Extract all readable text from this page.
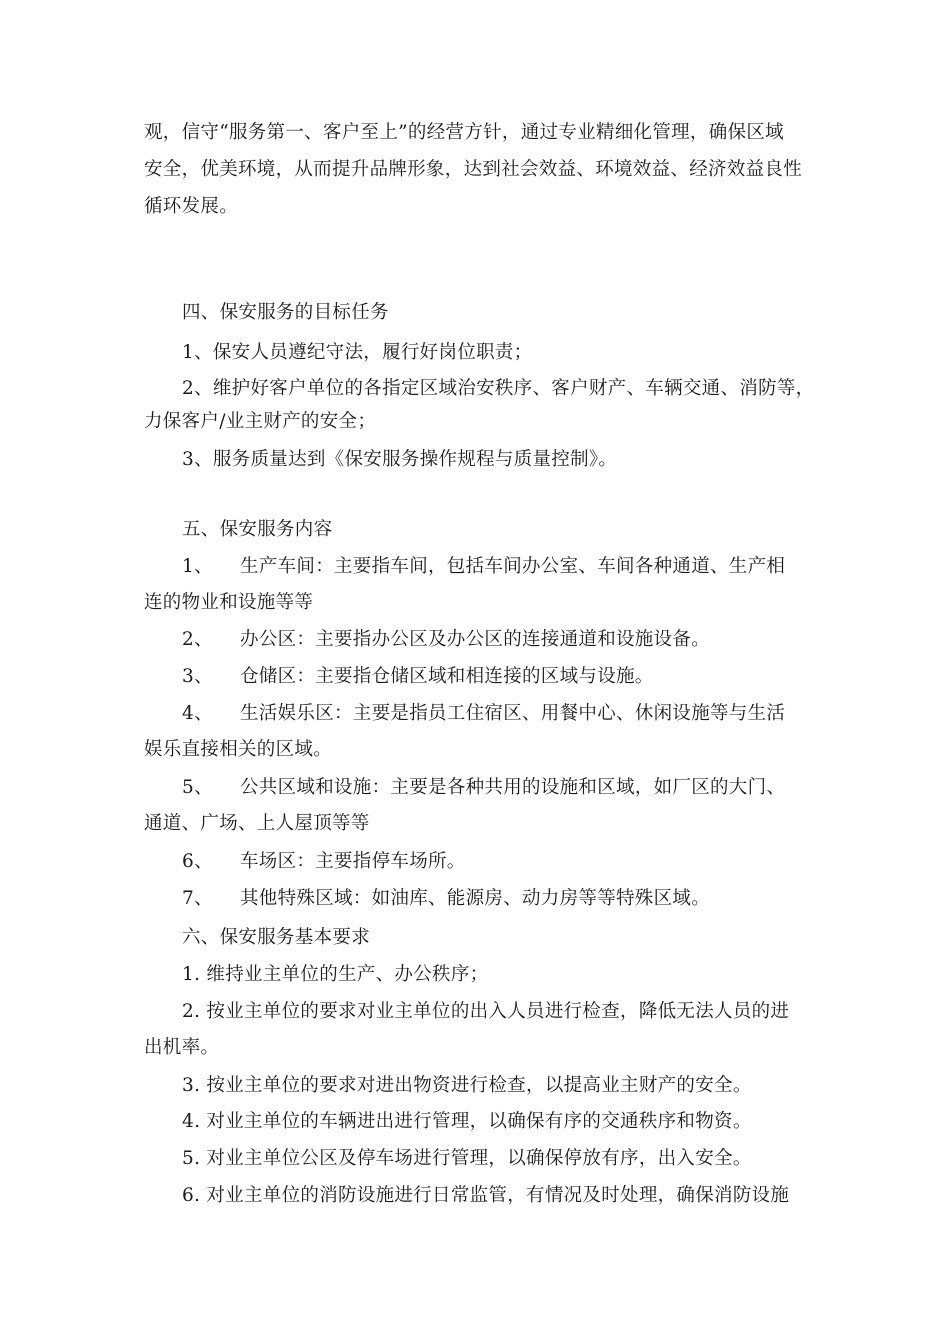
观，信守“服务第一、客户至上”的经营方针，通过专业精细化管理，确保区域
安全，优美环境，从而提升品牌形象，达到社会效益、环境效益、经济效益良性
循环发展。
四、保安服务的目标任务
1、保安人员遵纪守法，履行好岗位职责；
2、维护好客户单位的各指定区域治安秩序、客户财产、车辆交通、消防等，
力保客户/业主财产的安全；
3、服务质量达到《保安服务操作规程与质量控制》。
五、保安服务内容
1、	生产车间：主要指车间，包括车间办公室、车间各种通道、生产相
连的物业和设施等等
2、	办公区：主要指办公区及办公区的连接通道和设施设备。
3、	仓储区：主要指仓储区域和相连接的区域与设施。
4、	生活娱乐区：主要是指员工住宿区、用餐中心、休闲设施等与生活
娱乐直接相关的区域。
5、	公共区域和设施：主要是各种共用的设施和区域，如厂区的大门、
通道、广场、上人屋顶等等
6、	车场区：主要指停车场所。
7、	其他特殊区域：如油库、能源房、动力房等等特殊区域。
六、保安服务基本要求
1. 维持业主单位的生产、办公秩序；
2. 按业主单位的要求对业主单位的出入人员进行检查，降低无法人员的进
出机率。
3. 按业主单位的要求对进出物资进行检查，以提高业主财产的安全。
4. 对业主单位的车辆进出进行管理，以确保有序的交通秩序和物资。
5. 对业主单位公区及停车场进行管理，以确保停放有序，出入安全。
6. 对业主单位的消防设施进行日常监管，有情况及时处理，确保消防设施
